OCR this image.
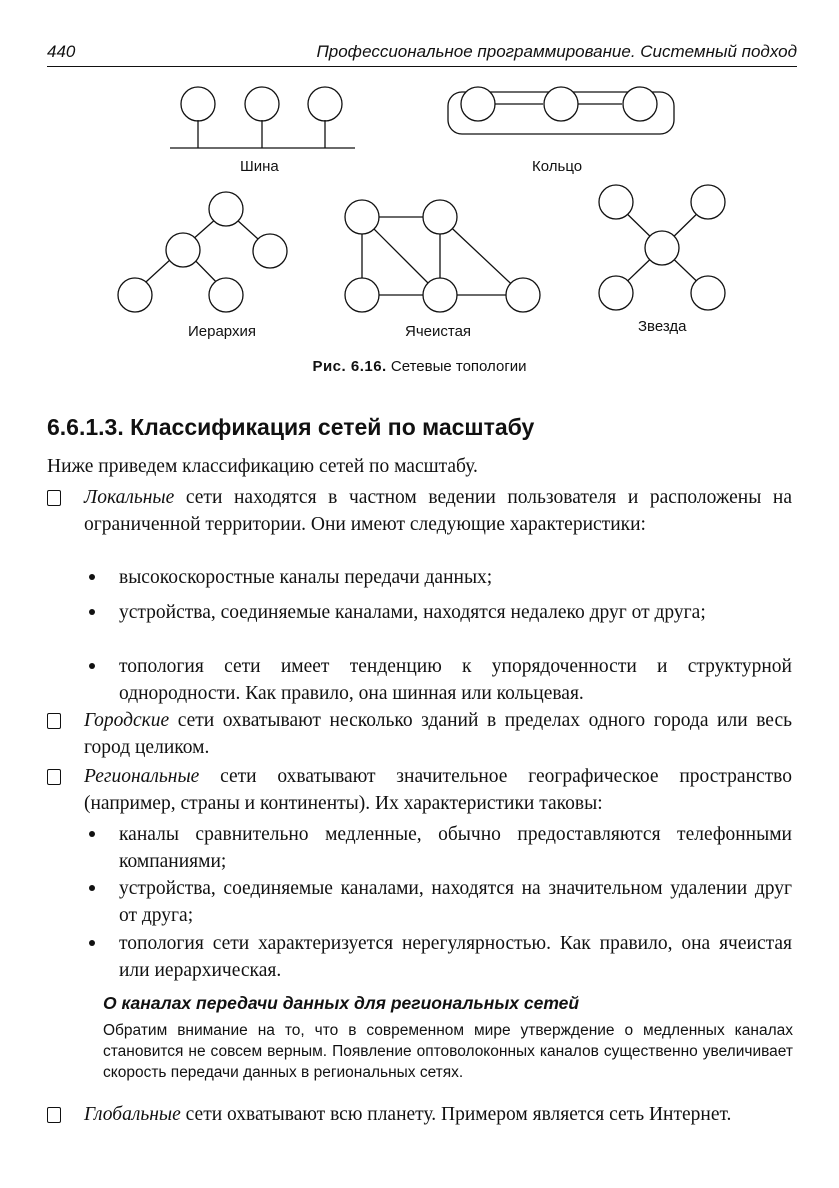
440	Профессиональное программирование. Системный подход
Шина	Кольцо
Иерархия	Ячеистая	Звезда
Рис. 6.16. Сетевые топологии
6.6.1.3. Классификация сетей по масштабу
Ниже приведем классификацию сетей по масштабу.
Локальные сети находятся в частном ведении пользователя и расположены на ограниченной территории. Они имеют следующие характеристики:
высокоскоростные каналы передачи данных;
устройства, соединяемые каналами, находятся недалеко друг от друга;
топология сети имеет тенденцию к упорядоченности и структурной однородности. Как правило, она шинная или кольцевая.
Городские сети охватывают несколько зданий в пределах одного города или весь город целиком.
Региональные сети охватывают значительное географическое пространство (например, страны и континенты). Их характеристики таковы:
каналы сравнительно медленные, обычно предоставляются телефонными компаниями;
устройства, соединяемые каналами, находятся на значительном удалении друг от друга;
топология сети характеризуется нерегулярностью. Как правило, она ячеистая или иерархическая.
О каналах передачи данных для региональных сетей
Обратим внимание на то, что в современном мире утверждение о медленных каналах становится не совсем верным. Появление оптоволоконных каналов существенно увеличивает скорость передачи данных в региональных сетях.
Глобальные сети охватывают всю планету. Примером является сеть Интернет.
